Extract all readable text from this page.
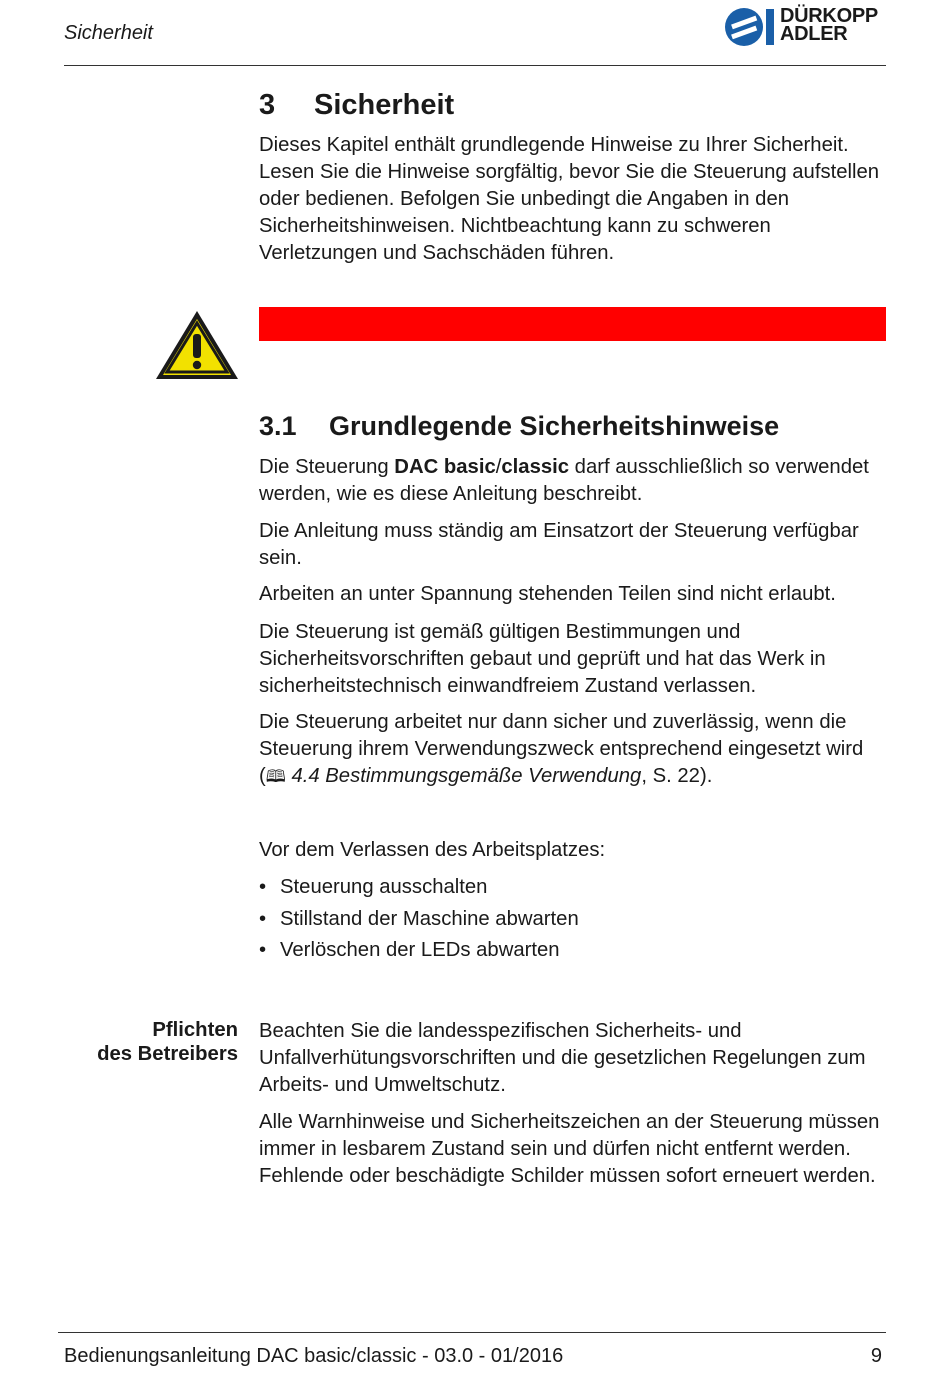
Sicherheit
DÜRKOPP
ADLER
3 Sicherheit
Dieses Kapitel enthält grundlegende Hinweise zu Ihrer Sicherheit. Lesen Sie die Hinweise sorgfältig, bevor Sie die Steuerung aufstellen oder bedienen. Befolgen Sie unbedingt die Angaben in den Sicherheitshinweisen. Nichtbeachtung kann zu schweren Verletzungen und Sachschäden führen.
3.1 Grundlegende Sicherheitshinweise
Die Steuerung DAC basic/classic darf ausschließlich so verwendet werden, wie es diese Anleitung beschreibt.
Die Anleitung muss ständig am Einsatzort der Steuerung verfügbar sein.
Arbeiten an unter Spannung stehenden Teilen sind nicht erlaubt.
Die Steuerung ist gemäß gültigen Bestimmungen und Sicherheitsvorschriften gebaut und geprüft und hat das Werk in sicherheitstechnisch einwandfreiem Zustand verlassen.
Die Steuerung arbeitet nur dann sicher und zuverlässig, wenn die Steuerung ihrem Verwendungszweck entsprechend eingesetzt wird (🕮 4.4 Bestimmungsgemäße Verwendung, S. 22).
Vor dem Verlassen des Arbeitsplatzes:
• Steuerung ausschalten
• Stillstand der Maschine abwarten
• Verlöschen der LEDs abwarten
Pflichten
des Betreibers
Beachten Sie die landesspezifischen Sicherheits- und Unfallverhütungsvorschriften und die gesetzlichen Regelungen zum Arbeits- und Umweltschutz.
Alle Warnhinweise und Sicherheitszeichen an der Steuerung müssen immer in lesbarem Zustand sein und dürfen nicht entfernt werden. Fehlende oder beschädigte Schilder müssen sofort erneuert werden.
Bedienungsanleitung DAC basic/classic - 03.0 - 01/2016	9
